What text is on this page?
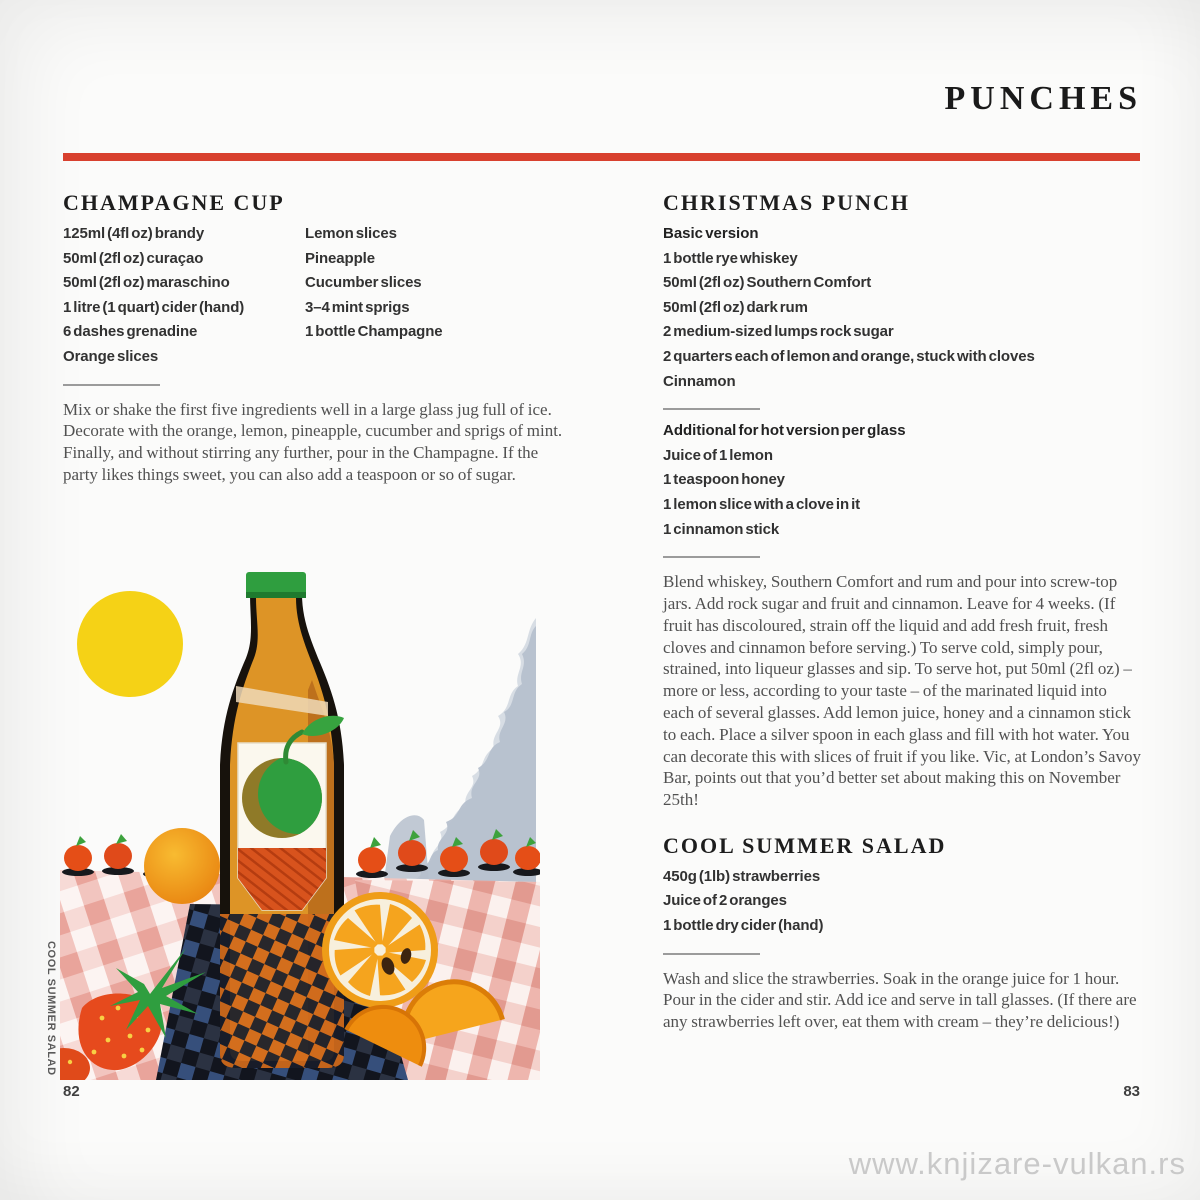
PUNCHES
CHAMPAGNE CUP
125ml (4fl oz) brandy
50ml (2fl oz) curaçao
50ml (2fl oz) maraschino
1 litre (1 quart) cider (hand)
6 dashes grenadine
Orange slices
Lemon slices
Pineapple
Cucumber slices
3–4 mint sprigs
1 bottle Champagne

Mix or shake the first five ingredients well in a large glass jug full of ice. Decorate with the orange, lemon, pineapple, cucumber and sprigs of mint. Finally, and without stirring any further, pour in the Champagne. If the party likes things sweet, you can also add a teaspoon or so of sugar.

CHRISTMAS PUNCH

Basic version

1 bottle rye whiskey
50ml (2fl oz) Southern Comfort
50ml (2fl oz) dark rum
2 medium-sized lumps rock sugar
2 quarters each of lemon and orange, stuck with cloves
Cinnamon

Additional for hot version per glass

Juice of 1 lemon
1 teaspoon honey
1 lemon slice with a clove in it
1 cinnamon stick

Blend whiskey, Southern Comfort and rum and pour into screw-top jars. Add rock sugar and fruit and cinnamon. Leave for 4 weeks. (If fruit has discoloured, strain off the liquid and add fresh fruit, fresh cloves and cinnamon before serving.) To serve cold, simply pour, strained, into liqueur glasses and sip. To serve hot, put 50ml (2fl oz) – more or less, according to your taste – of the marinated liquid into each of several glasses. Add lemon juice, honey and a cinnamon stick to each. Place a silver spoon in each glass and fill with hot water. You can decorate this with slices of fruit if you like. Vic, at London’s Savoy Bar, points out that you’d better set about making this on November 25th!

COOL SUMMER SALAD
450g (1lb) strawberries
Juice of 2 oranges
1 bottle dry cider (hand)

Wash and slice the strawberries. Soak in the orange juice for 1 hour. Pour in the cider and stir. Add ice and serve in tall glasses. (If there are any strawberries left over, eat them with cream – they’re delicious!)

COOL SUMMER SALAD
82	83
www.knjizare-vulkan.rs
